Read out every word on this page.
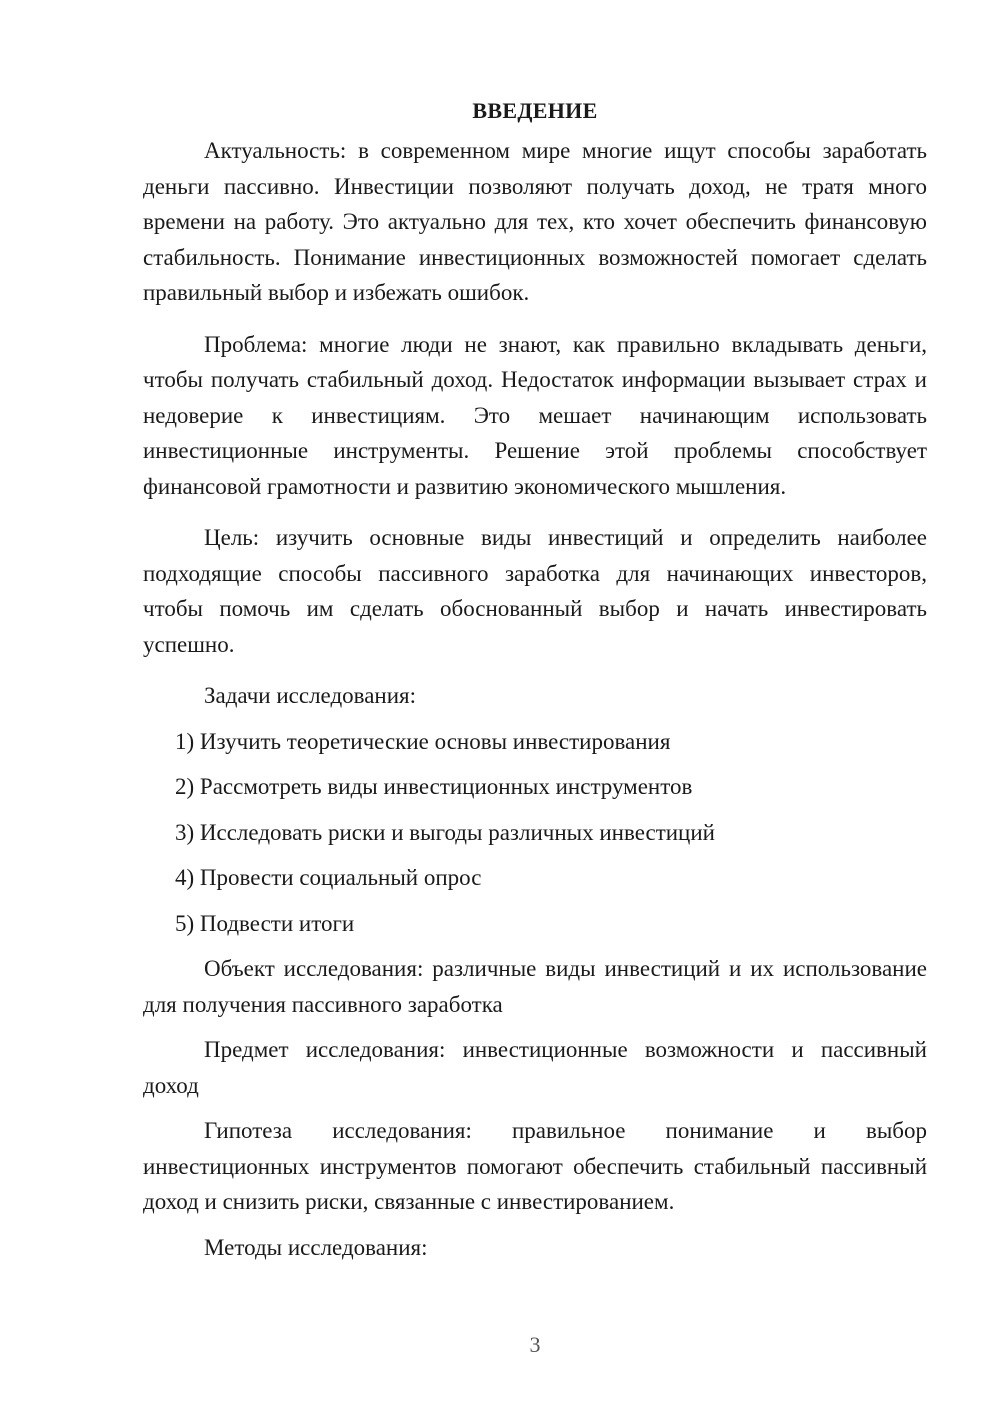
ВВЕДЕНИЕ

Актуальность: в современном мире многие ищут способы заработать деньги пассивно. Инвестиции позволяют получать доход, не тратя много времени на работу. Это актуально для тех, кто хочет обеспечить финансовую стабильность. Понимание инвестиционных возможностей помогает сделать правильный выбор и избежать ошибок.

Проблема: многие люди не знают, как правильно вкладывать деньги, чтобы получать стабильный доход. Недостаток информации вызывает страх и недоверие к инвестициям. Это мешает начинающим использовать инвестиционные инструменты. Решение этой проблемы способствует финансовой грамотности и развитию экономического мышления.

Цель: изучить основные виды инвестиций и определить наиболее подходящие способы пассивного заработка для начинающих инвесторов, чтобы помочь им сделать обоснованный выбор и начать инвестировать успешно.

Задачи исследования:

1) Изучить теоретические основы инвестирования

2) Рассмотреть виды инвестиционных инструментов

3) Исследовать риски и выгоды различных инвестиций

4) Провести социальный опрос

5) Подвести итоги

Объект исследования: различные виды инвестиций и их использование для получения пассивного заработка

Предмет исследования: инвестиционные возможности и пассивный доход

Гипотеза исследования: правильное понимание и выбор инвестиционных инструментов помогают обеспечить стабильный пассивный доход и снизить риски, связанные с инвестированием.

Методы исследования:

3
